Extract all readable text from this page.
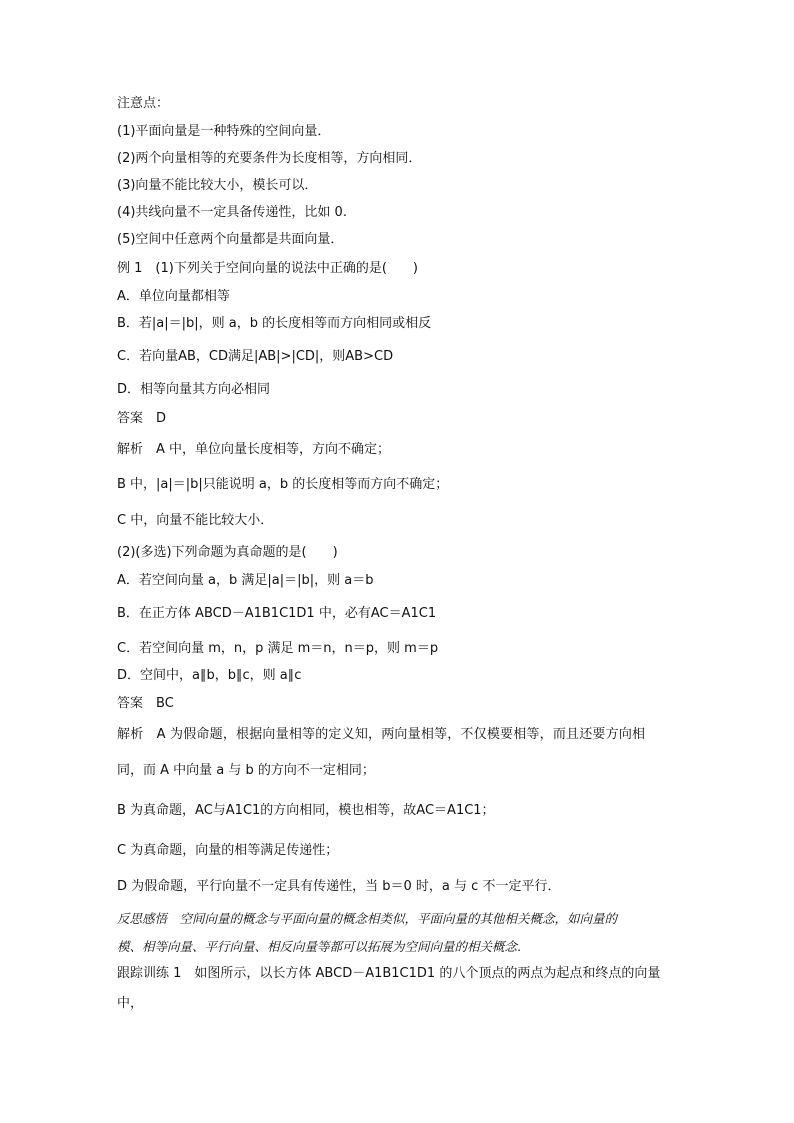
注意点：
(1)平面向量是一种特殊的空间向量．
(2)两个向量相等的充要条件为长度相等，方向相同．
(3)向量不能比较大小，模长可以．
(4)共线向量不一定具备传递性，比如 0.
(5)空间中任意两个向量都是共面向量．
例 1　(1)下列关于空间向量的说法中正确的是(　　)
A．单位向量都相等
B．若|a|＝|b|，则 a，b 的长度相等而方向相同或相反
C．若向量AB，CD满足|AB|>|CD|，则AB>CD
D．相等向量其方向必相同
答案　D
解析　A 中，单位向量长度相等，方向不确定；
B 中，|a|＝|b|只能说明 a，b 的长度相等而方向不确定；
C 中，向量不能比较大小．
(2)(多选)下列命题为真命题的是(　　)
A．若空间向量 a，b 满足|a|＝|b|，则 a＝b
B．在正方体 ABCD－A1B1C1D1 中，必有AC＝A1C1
C．若空间向量 m，n，p 满足 m＝n，n＝p，则 m＝p
D．空间中，a∥b，b∥c，则 a∥c
答案　BC
解析　A 为假命题，根据向量相等的定义知，两向量相等，不仅模要相等，而且还要方向相
同，而 A 中向量 a 与 b 的方向不一定相同；
B 为真命题，AC与A1C1的方向相同，模也相等，故AC＝A1C1；
C 为真命题，向量的相等满足传递性；
D 为假命题，平行向量不一定具有传递性，当 b＝0 时，a 与 c 不一定平行．
反思感悟　空间向量的概念与平面向量的概念相类似，平面向量的其他相关概念，如向量的
模、相等向量、平行向量、相反向量等都可以拓展为空间向量的相关概念．
跟踪训练 1　如图所示，以长方体 ABCD－A1B1C1D1 的八个顶点的两点为起点和终点的向量
中，
